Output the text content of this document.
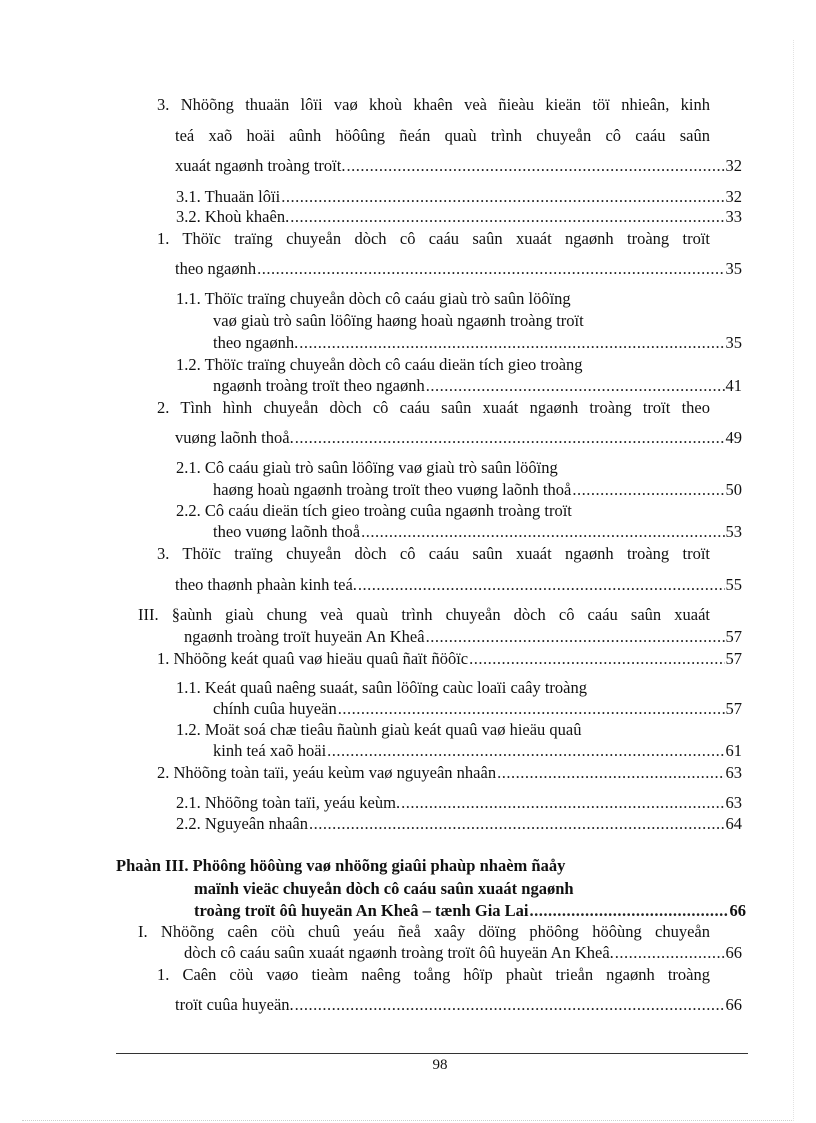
3. Nhöõng thuaän lôïi vaø khoù khaên veà ñieàu kieän töï nhieân, kinh
teá xaõ hoäi aûnh höôûng ñeán quaù trình chuyeån cô caáu saûn
xuaát ngaønh troàng troït. .....	32
3.1. Thuaän lôïi .....	32
3.2. Khoù khaên. .....	33
1. Thöïc traïng chuyeån dòch cô caáu saûn xuaát ngaønh troàng troït
theo ngaønh .....	35
1.1. Thöïc traïng chuyeån dòch cô caáu giaù trò saûn löôïng
vaø giaù trò saûn löôïng haøng hoaù ngaønh troàng troït
theo ngaønh. .....	35
1.2. Thöïc traïng chuyeån dòch cô caáu dieän tích gieo troàng
ngaønh troàng troït theo ngaønh .....	41
2. Tình hình chuyeån dòch cô caáu saûn xuaát ngaønh troàng troït theo
vuøng laõnh thoå. .....	49
2.1. Cô caáu giaù trò saûn löôïng vaø giaù trò saûn löôïng
haøng hoaù ngaønh troàng troït theo vuøng laõnh thoå .....	50
2.2. Cô caáu dieän tích gieo troàng cuûa ngaønh troàng troït
theo vuøng laõnh thoå .....	53
3. Thöïc traïng chuyeån dòch cô caáu saûn xuaát ngaønh troàng troït
theo thaønh phaàn kinh teá. .....	55
III. §aùnh giaù chung veà quaù trình chuyeån dòch cô caáu saûn xuaát
ngaønh troàng troït huyeän An Kheâ .....	57
1. Nhöõng keát quaû vaø hieäu quaû ñaït ñöôïc .....	57
1.1. Keát quaû naêng suaát, saûn löôïng caùc loaïi caây troàng
chính cuûa huyeän .....	57
1.2. Moät soá chæ tieâu ñaùnh giaù keát quaû vaø hieäu quaû
kinh teá xaõ hoäi .....	61
2. Nhöõng toàn taïi, yeáu keùm vaø nguyeân nhaân .....	63
2.1. Nhöõng toàn taïi, yeáu keùm. .....	63
2.2. Nguyeân nhaân .....	64
Phaàn III. Phöông höôùng vaø nhöõng giaûi phaùp nhaèm ñaåy
maïnh vieäc chuyeån dòch cô caáu saûn xuaát ngaønh
troàng troït ôû huyeän An Kheâ – tænh Gia Lai .....	66
I. Nhöõng caên cöù chuû yeáu ñeå xaây döïng phöông höôùng chuyeån
dòch cô caáu saûn xuaát ngaønh troàng troït ôû huyeän An Kheâ. .....	66
1. Caên cöù vaøo tieàm naêng toång hôïp phaùt trieån ngaønh troàng
troït cuûa huyeän. .....	66
98
